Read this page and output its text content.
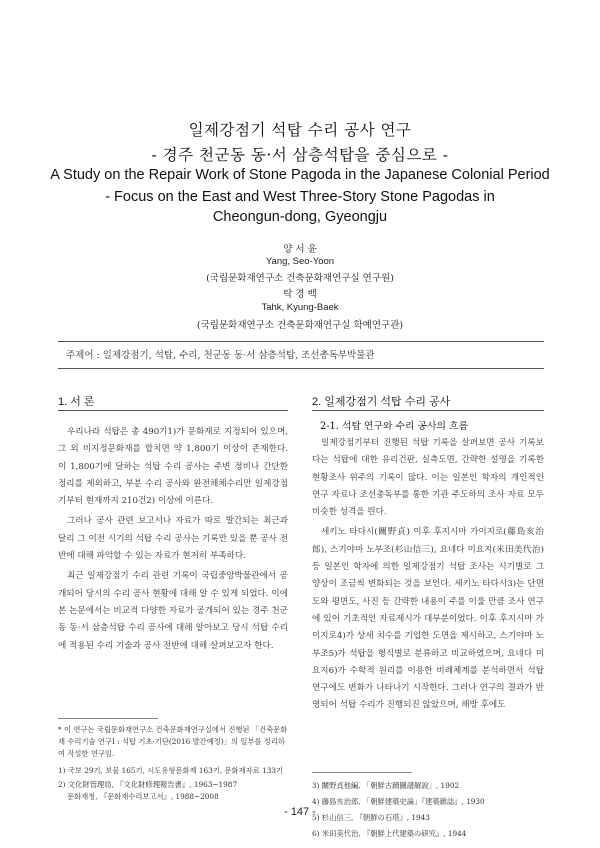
일제강점기 석탑 수리 공사 연구
- 경주 천군동 동·서 삼층석탑을 중심으로 -
A Study on the Repair Work of Stone Pagoda in the Japanese Colonial Period
- Focus on the East and West Three-Story Stone Pagodas in
Cheongun-dong, Gyeongju
양 서 윤
Yang, Seo-Yoon
(국립문화재연구소 건축문화재연구실 연구원)
탁 경 백
Tahk, Kyung-Baek
(국립문화재연구소 건축문화재연구실 학예연구관)
주제어 : 일제강점기, 석탑, 수리, 천군동 동·서 삼층석탑, 조선총독부박물관
1. 서 론	2. 일제강점기 석탑 수리 공사
2-1. 석탑 연구와 수리 공사의 흐름

우리나라 석탑은 총 490기1)가 문화재로 지정되어 있으며, 그 외 비지정문화재를 합치면 약 1,800기 이상이 존재한다. 이 1,800기에 달하는 석탑 수리 공사는 주변 정비나 간단한 정리를 제외하고, 부분 수리 공사와 완전해체수리만 일제강점기부터 현재까지 210건2) 이상에 이른다.

그러나 공사 관련 보고서나 자료가 따로 발간되는 최근과 달리 그 이전 시기의 석탑 수리 공사는 기록만 있을 뿐 공사 전반에 대해 파악할 수 있는 자료가 현저히 부족하다.

최근 일제강점기 수리 관련 기록이 국립중앙박물관에서 공개되어 당시의 수리 공사 현황에 대해 알 수 있게 되었다. 이에 본 논문에서는 비교적 다양한 자료가 공개되어 있는 경주 천군동 동·서 삼층석탑 수리 공사에 대해 알아보고 당시 석탑 수리에 적용된 수리 기술과 공사 전반에 대해 살펴보고자 한다.

일제강점기부터 진행된 석탑 기록을 살펴보면 공사 기록보다는 석탑에 대한 유리건판, 실측도면, 간략한 설명을 기록한 현황조사 위주의 기록이 많다. 이는 일본인 학자의 개인적인 연구 자료나 조선총독부를 통한 기관 주도하의 조사 자료 모두 비슷한 성격을 띈다.

세키노 타다시(關野貞) 이후 후지시마 가이지로(藤島亥治郎), 스기야마 노부조(杉山信三), 요네다 미요지(米田美代治) 등 일본인 학자에 의한 일제강점기 석탑 조사는 시기별로 그 양상이 조금씩 변화되는 것을 보인다. 세키노 타다시3)는 단면도와 평면도, 사진 등 간략한 내용이 주를 이룰 만큼 조사 연구에 있어 기초적인 자료제시가 대부분이었다. 이후 후지시마 가이지로4)가 상세 치수를 기입한 도면을 제시하고, 스기야마 노부조5)가 석탑을 형식별로 분류하고 비교하였으며, 요네다 미요지6)가 수학적 원리를 이용한 비례체계를 분석하면서 석탑 연구에도 변화가 나타나기 시작한다. 그러나 연구의 결과가 반영되어 석탑 수리가 진행되진 않았으며, 해방 후에도

* 이 연구는 국립문화재연구소 건축문화재연구실에서 진행된 「건축문화재 수리기술 연구Ⅰ : 석탑 기초·기단(2016 발간예정)」의 일부를 정리하여 작성한 연구임.
1) 국보 29기, 보물 165기, 시도유형문화재 163기, 문화재자료 133기
2) 文化財管理局, 『文化財修理報告書』, 1963~1987
문화재청, 『문화재수리보고서』, 1988~2008
3) 關野貞他編, 「朝鮮古蹟圖譜解說」, 1902
4) 藤島亥治郎, 「朝鮮建築史論」『建築雜誌』, 1930
5) 杉山信三, 『朝鮮の石塔』, 1943
6) 米田美代治, 『朝鮮上代建築の研究』, 1944
- 147 -
